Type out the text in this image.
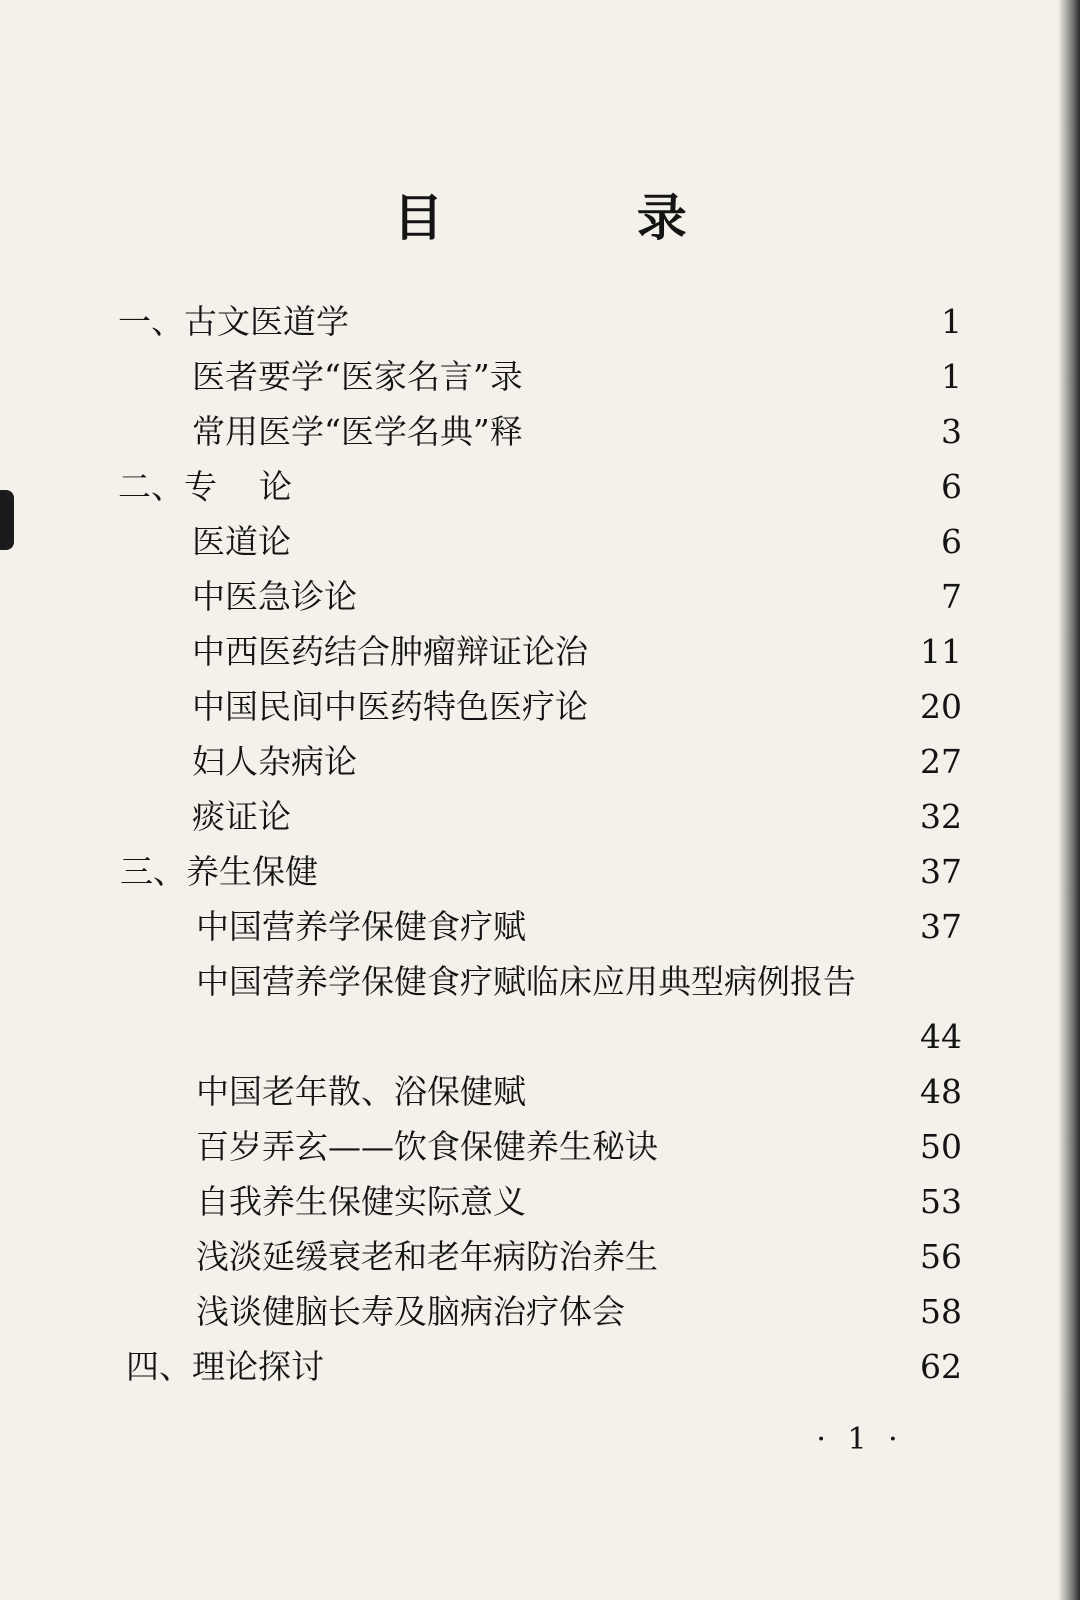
目 录
一、古文医道学	1
医者要学“医家名言”录	1
常用医学“医学名典”释	3
二、专    论	6
医道论	6
中医急诊论	7
中西医药结合肿瘤辩证论治	11
中国民间中医药特色医疗论	20
妇人杂病论	27
痰证论	32
三、养生保健	37
中国营养学保健食疗赋	37
中国营养学保健食疗赋临床应用典型病例报告
44
中国老年散、浴保健赋	48
百岁弄玄——饮食保健养生秘诀	50
自我养生保健实际意义	53
浅淡延缓衰老和老年病防治养生	56
浅谈健脑长寿及脑病治疗体会	58
四、理论探讨	62
· 1 ·
